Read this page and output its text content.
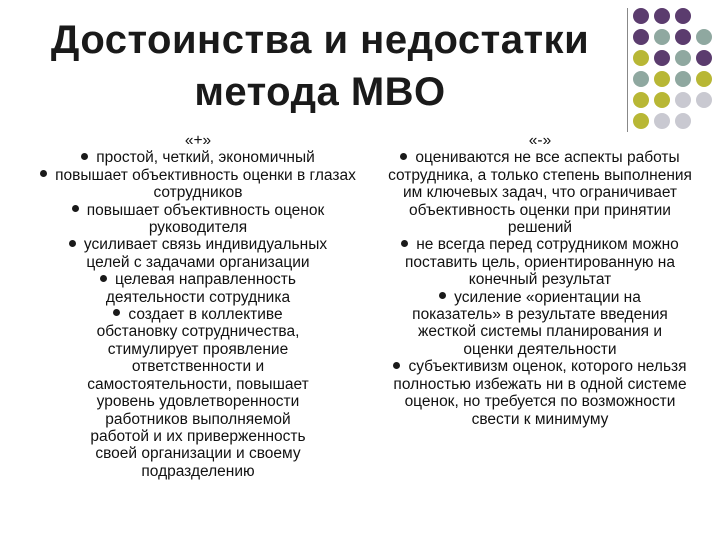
Достоинства и недостатки
метода MBO
«+»
простой, четкий, экономичный
повышает объективность оценки в глазах сотрудников
повышает объективность оценок руководителя
усиливает связь индивидуальных целей с задачами организации
целевая направленность деятельности сотрудника
создает в коллективе обстановку сотрудничества, стимулирует проявление ответственности и самостоятельности, повышает уровень удовлетворенности работников выполняемой работой и их приверженность своей организации и своему подразделению
«-»
оцениваются не все аспекты работы сотрудника, а только степень выполнения им ключевых задач, что ограничивает объективность оценки при принятии решений
не всегда перед сотрудником можно поставить цель, ориентированную на конечный результат
усиление «ориентации на показатель» в результате введения жесткой системы планирования и оценки деятельности
субъективизм оценок, которого нельзя полностью избежать ни в одной системе оценок, но требуется по возможности свести к минимуму
